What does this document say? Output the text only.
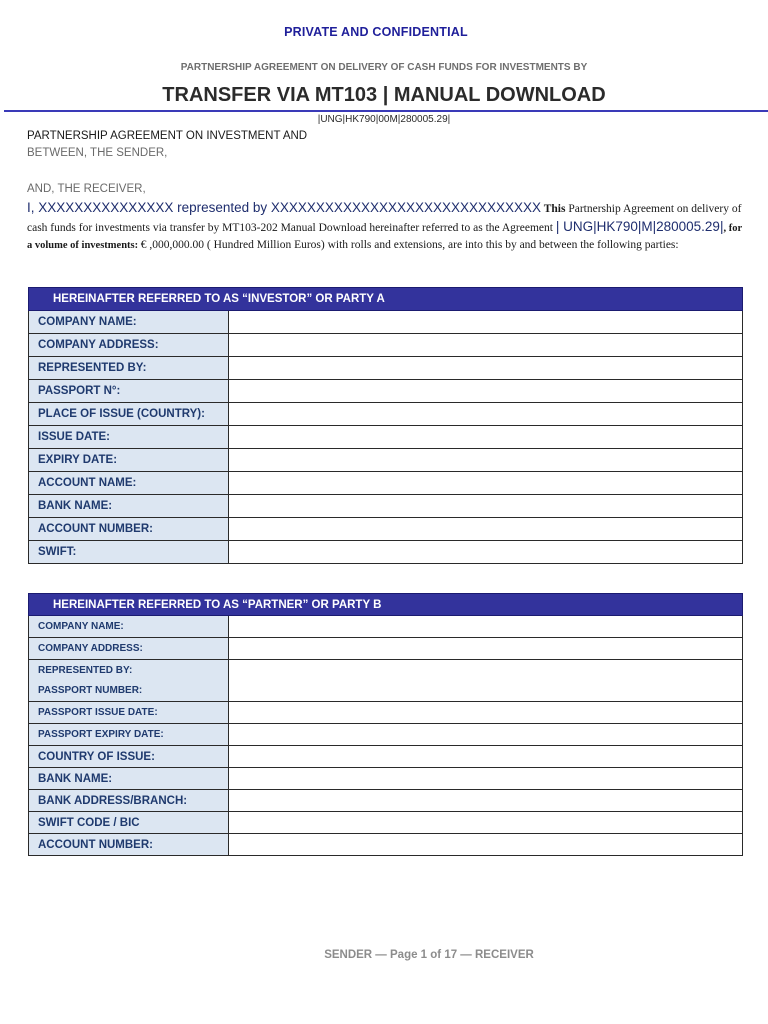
PRIVATE AND CONFIDENTIAL
PARTNERSHIP AGREEMENT ON DELIVERY OF CASH FUNDS FOR INVESTMENTS BY
TRANSFER VIA MT103 | MANUAL DOWNLOAD
|UNG|HK790|00M|280005.29|
PARTNERSHIP AGREEMENT ON INVESTMENT AND
BETWEEN, THE SENDER,
AND, THE RECEIVER,
I, XXXXXXXXXXXXXXX represented by XXXXXXXXXXXXXXXXXXXXXXXXXXXXXX This Partnership Agreement on delivery of cash funds for investments via transfer by MT103-202 Manual Download hereinafter referred to as the Agreement | UNG|HK790|M|280005.29|, for a volume of investments: € ,000,000.00 ( Hundred Million Euros) with rolls and extensions, are into this by and between the following parties:
HEREINAFTER REFERRED TO AS “INVESTOR” OR PARTY A	
COMPANY NAME:	
COMPANY ADDRESS:	
REPRESENTED BY:	
PASSPORT N°:	
PLACE OF ISSUE (COUNTRY):	
ISSUE DATE:	
EXPIRY DATE:	
ACCOUNT NAME:	
BANK NAME:	
ACCOUNT NUMBER:	
SWIFT:	
HEREINAFTER REFERRED TO AS “PARTNER” OR PARTY B	
COMPANY NAME:	
COMPANY ADDRESS:	
REPRESENTED BY:
PASSPORT NUMBER:	

PASSPORT ISSUE DATE:	
PASSPORT EXPIRY DATE:	
COUNTRY OF ISSUE:	
BANK NAME:	
BANK ADDRESS/BRANCH:	
SWIFT CODE / BIC	
ACCOUNT NUMBER:	
SENDER — Page 1 of 17 — RECEIVER
